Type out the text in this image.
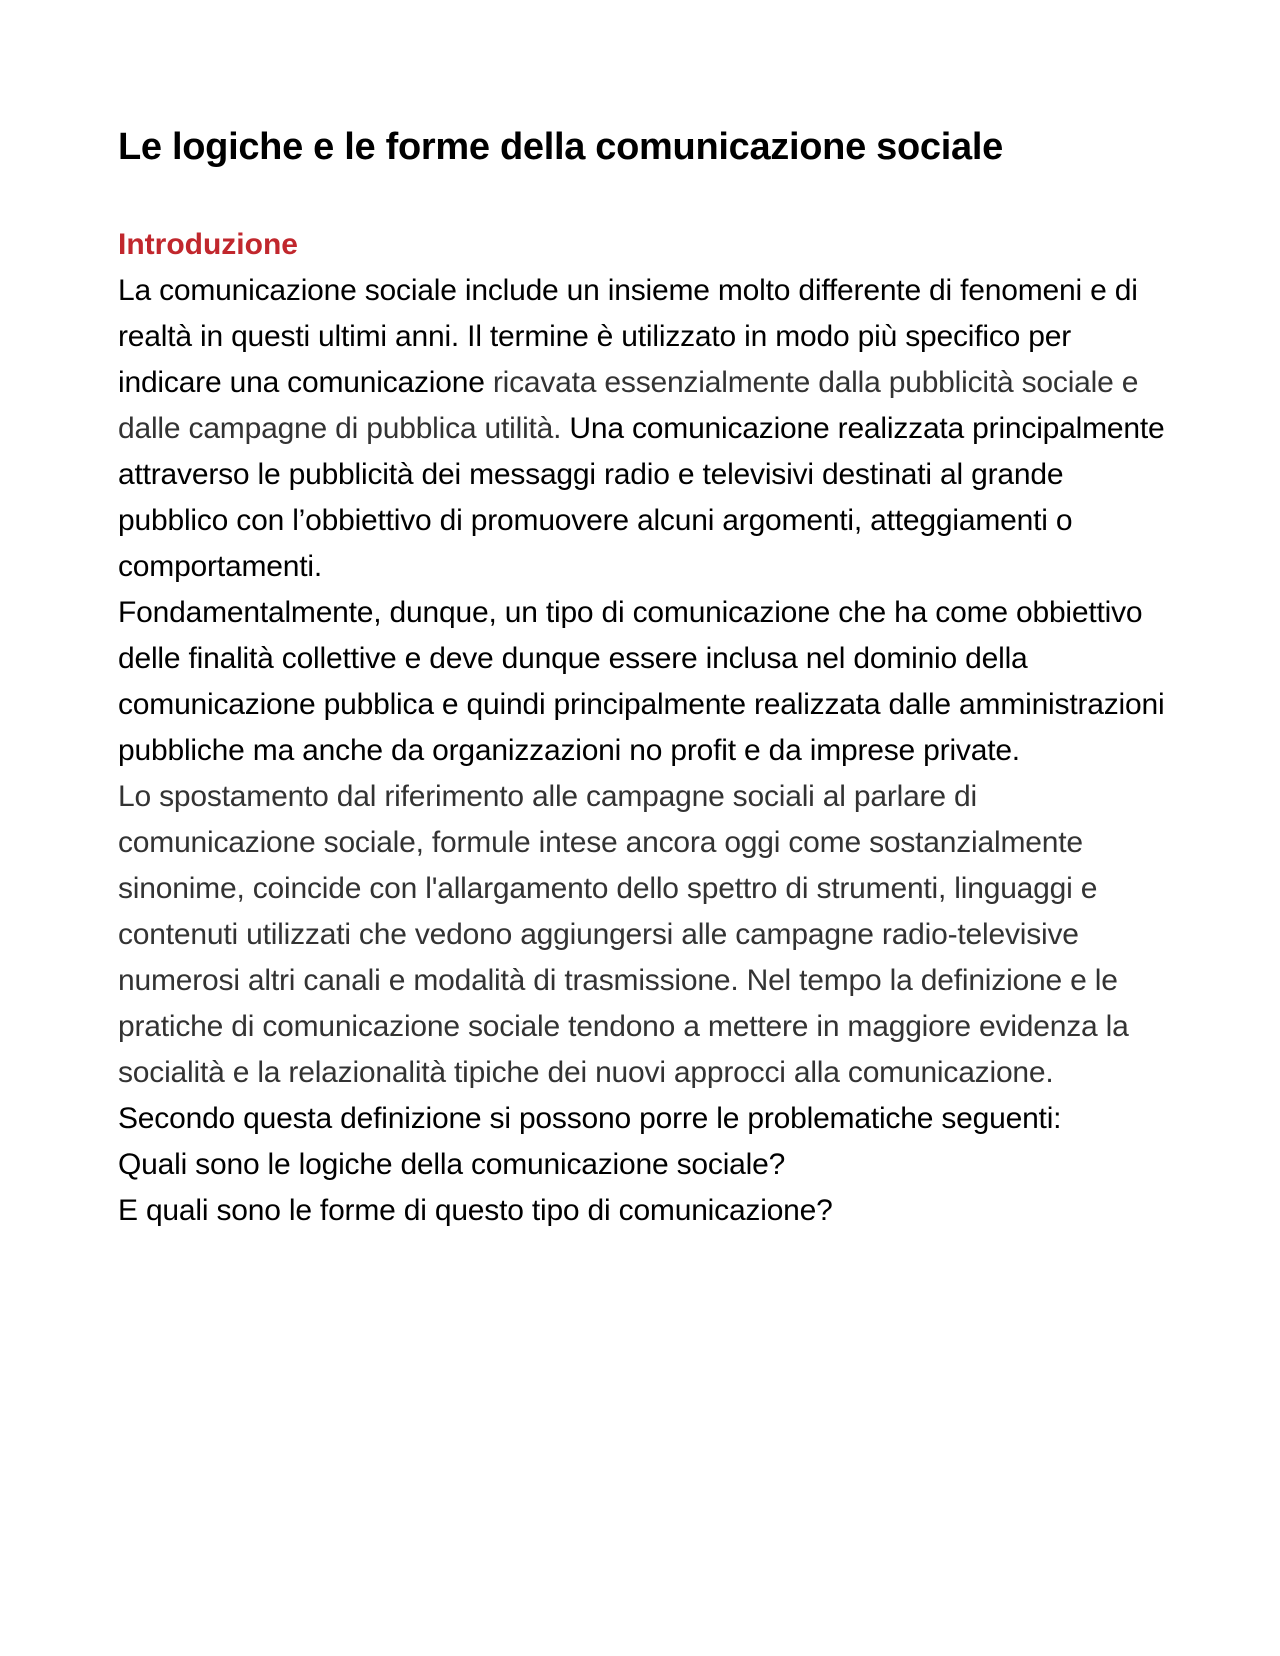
Le logiche e le forme della comunicazione sociale
Introduzione

La comunicazione sociale include un insieme molto differente di fenomeni e di realtà in questi ultimi anni. Il termine è utilizzato in modo più specifico per indicare una comunicazione ricavata essenzialmente dalla pubblicità sociale e dalle campagne di pubblica utilità. Una comunicazione realizzata principalmente attraverso le pubblicità dei messaggi radio e televisivi destinati al grande pubblico con l’obbiettivo di promuovere alcuni argomenti, atteggiamenti o comportamenti.

Fondamentalmente, dunque, un tipo di comunicazione che ha come obbiettivo delle finalità collettive e deve dunque essere inclusa nel dominio della comunicazione pubblica e quindi principalmente realizzata dalle amministrazioni pubbliche ma anche da organizzazioni no profit e da imprese private.

Lo spostamento dal riferimento alle campagne sociali al parlare di comunicazione sociale, formule intese ancora oggi come sostanzialmente sinonime, coincide con l'allargamento dello spettro di strumenti, linguaggi e contenuti utilizzati che vedono aggiungersi alle campagne radio-televisive numerosi altri canali e modalità di trasmissione. Nel tempo la definizione e le pratiche di comunicazione sociale tendono a mettere in maggiore evidenza la socialità e la relazionalità tipiche dei nuovi approcci alla comunicazione.

Secondo questa definizione si possono porre le problematiche seguenti:

Quali sono le logiche della comunicazione sociale?

E quali sono le forme di questo tipo di comunicazione?
